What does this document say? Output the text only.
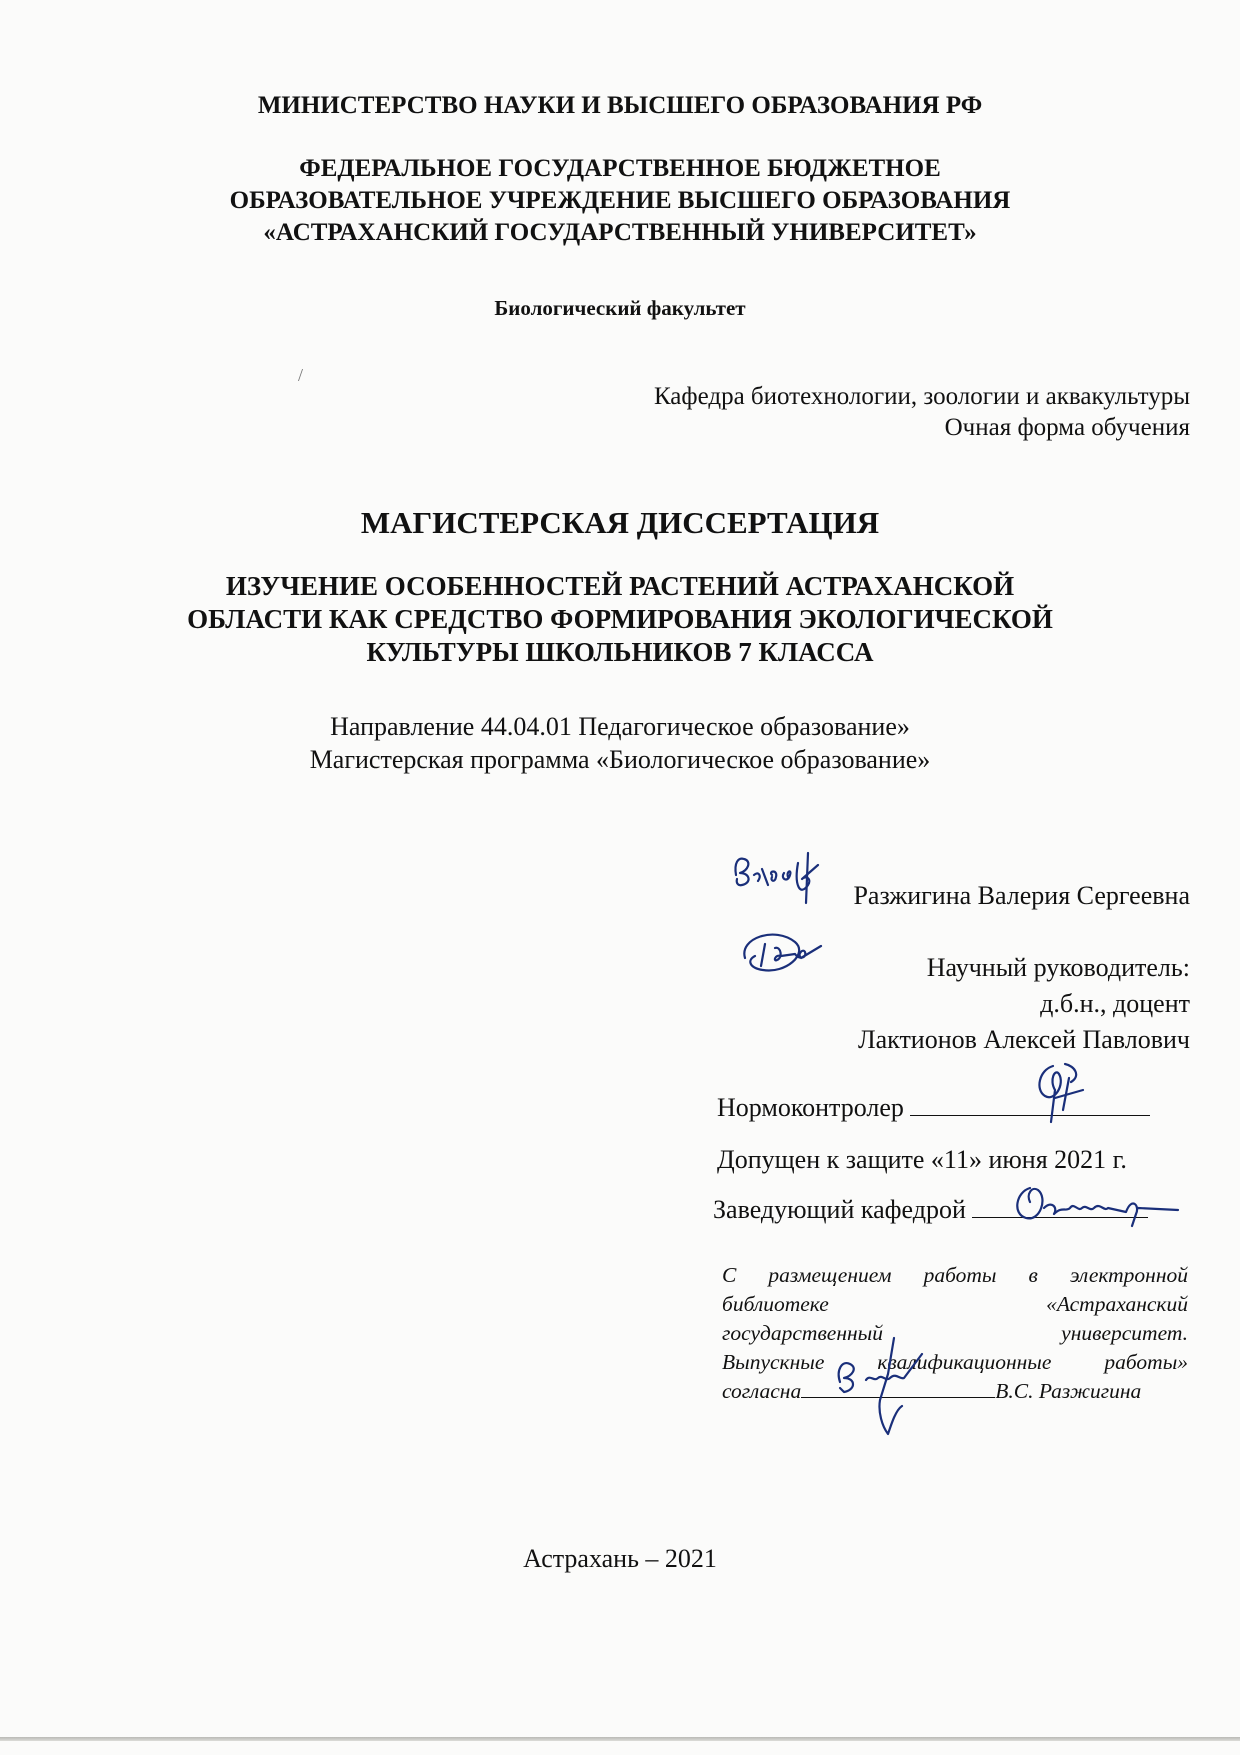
МИНИСТЕРСТВО НАУКИ И ВЫСШЕГО ОБРАЗОВАНИЯ РФ
ФЕДЕРАЛЬНОЕ ГОСУДАРСТВЕННОЕ БЮДЖЕТНОЕ
ОБРАЗОВАТЕЛЬНОЕ УЧРЕЖДЕНИЕ ВЫСШЕГО ОБРАЗОВАНИЯ
«АСТРАХАНСКИЙ ГОСУДАРСТВЕННЫЙ УНИВЕРСИТЕТ»
Биологический факультет
/
Кафедра биотехнологии, зоологии и аквакультуры
Очная форма обучения
МАГИСТЕРСКАЯ ДИССЕРТАЦИЯ
ИЗУЧЕНИЕ ОСОБЕННОСТЕЙ РАСТЕНИЙ АСТРАХАНСКОЙ
ОБЛАСТИ КАК СРЕДСТВО ФОРМИРОВАНИЯ ЭКОЛОГИЧЕСКОЙ
КУЛЬТУРЫ ШКОЛЬНИКОВ 7 КЛАССА
Направление 44.04.01 Педагогическое образование»
Магистерская программа «Биологическое образование»
Разжигина Валерия Сергеевна
Научный руководитель:
д.б.н., доцент
Лактионов Алексей Павлович
Нормоконтролер
Допущен к защите «11» июня 2021 г.
Заведующий кафедрой
С размещением работы в электронной
библиотеке «Астраханский
государственный университет.
Выпускные квалификационные работы»
согласна	В.С. Разжигина
Астрахань – 2021
